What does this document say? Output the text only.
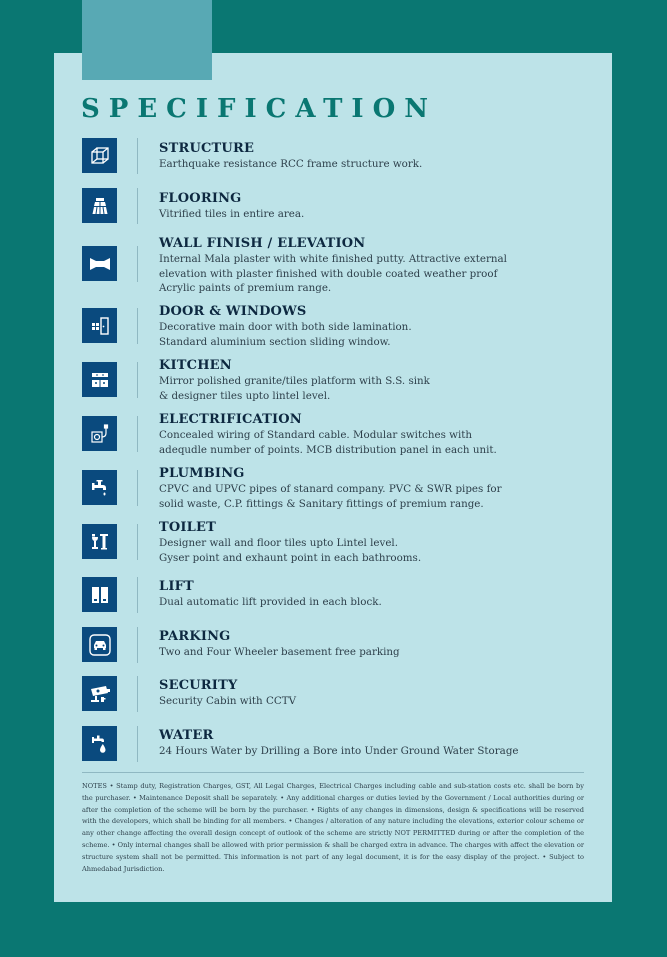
SPECIFICATION
STRUCTURE
Earthquake resistance RCC frame structure work.
FLOORING
Vitrified tiles in entire area.
WALL FINISH / ELEVATION
Internal Mala plaster with white finished putty. Attractive external
elevation with plaster finished with double coated weather proof
Acrylic paints of premium range.
DOOR & WINDOWS
Decorative main door with both side lamination.
Standard aluminium section sliding window.
KITCHEN
Mirror polished granite/tiles platform with S.S. sink
& designer tiles upto lintel level.
ELECTRIFICATION
Concealed wiring of Standard cable. Modular switches with
adequdle number of points. MCB distribution panel in each unit.
PLUMBING
CPVC and UPVC pipes of stanard company. PVC & SWR pipes for
solid waste, C.P. fittings & Sanitary fittings of premium range.
TOILET
Designer wall and floor tiles upto Lintel level.
Gyser point and exhaunt point in each bathrooms.
LIFT
Dual automatic lift provided in each block.
PARKING
Two and Four Wheeler basement free parking
SECURITY
Security Cabin with CCTV
WATER
24 Hours Water by Drilling a Bore into Under Ground Water Storage

NOTES • Stamp duty, Registration Charges, GST, All Legal Charges, Electrical Charges including cable and sub-station costs etc. shall be born by the purchaser. • Maintenance Deposit shall be separately. • Any additional charges or duties levied by the Government / Local authorities during or after the completion of the scheme will be born by the purchaser. • Rights of any changes in dimensions, design & specifications will be reserved with the developers, which shall be binding for all members. • Changes / alteration of any nature including the elevations, exterior colour scheme or any other change affecting the overall design concept of outlook of the scheme are strictly NOT PERMITTED during or after the completion of the scheme. • Only internal changes shall be allowed with prior permission & shall be charged extra in advance. The charges with affect the elevation or structure system shall not be permitted. This information is not part of any legal document, it is for the easy display of the project. • Subject to Ahmedabad Jurisdiction.
